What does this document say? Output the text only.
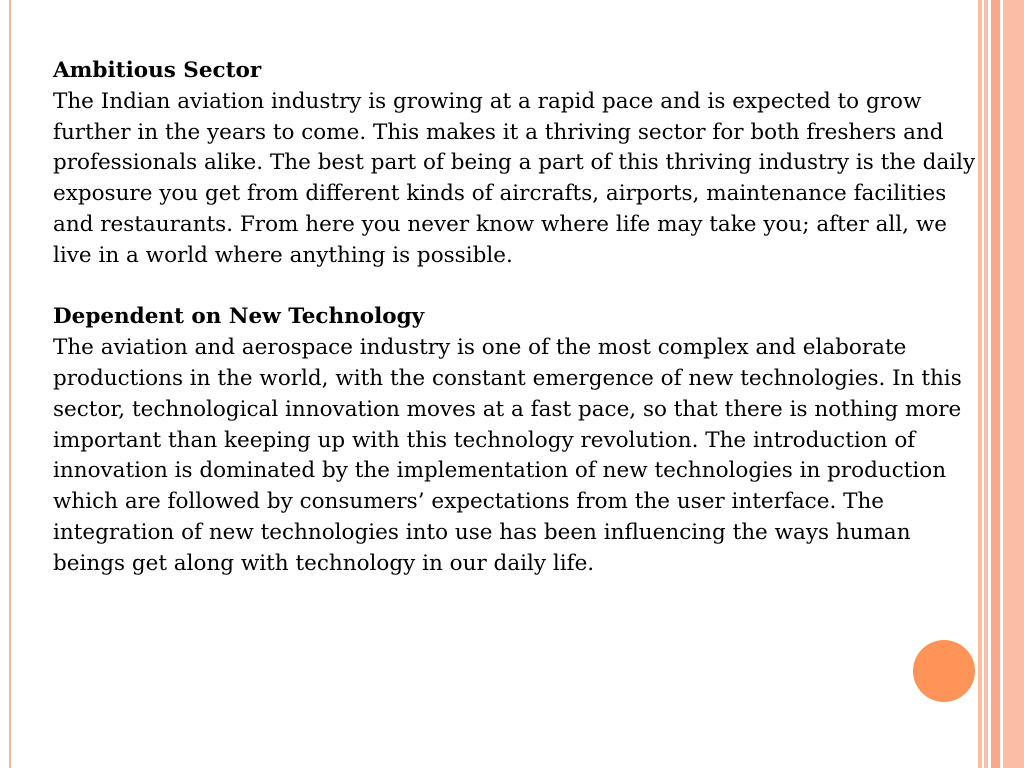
Ambitious Sector
The Indian aviation industry is growing at a rapid pace and is expected to grow further in the years to come. This makes it a thriving sector for both freshers and professionals alike. The best part of being a part of this thriving industry is the daily exposure you get from different kinds of aircrafts, airports, maintenance facilities and restaurants. From here you never know where life may take you; after all, we live in a world where anything is possible.
Dependent on New Technology
The aviation and aerospace industry is one of the most complex and elaborate productions in the world, with the constant emergence of new technologies. In this sector, technological innovation moves at a fast pace, so that there is nothing more important than keeping up with this technology revolution. The introduction of innovation is dominated by the implementation of new technologies in production which are followed by consumers’ expectations from the user interface. The integration of new technologies into use has been influencing the ways human beings get along with technology in our daily life.
